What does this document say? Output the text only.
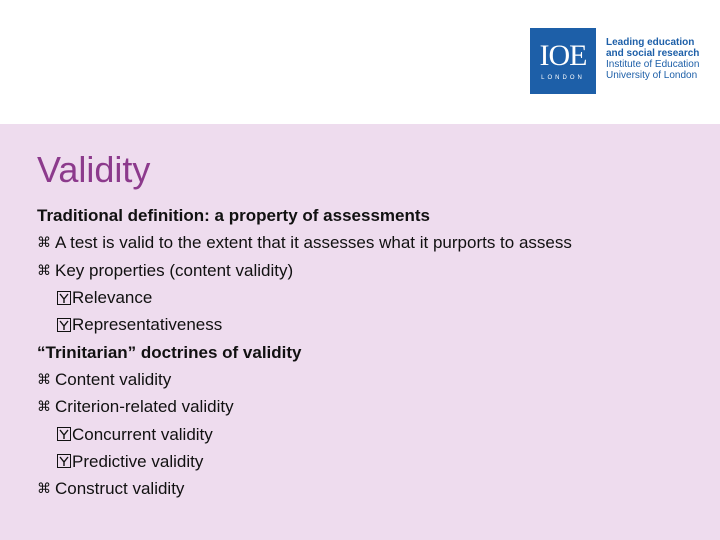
IOE
LONDON
Leading education
and social research
Institute of Education
University of London
Validity
Traditional definition: a property of assessments
⌘ A test is valid to the extent that it assesses what it purports to assess
⌘ Key properties (content validity)
Relevance
Representativeness
“Trinitarian” doctrines of validity
⌘ Content validity
⌘ Criterion-related validity
Concurrent validity
Predictive validity
⌘ Construct validity
